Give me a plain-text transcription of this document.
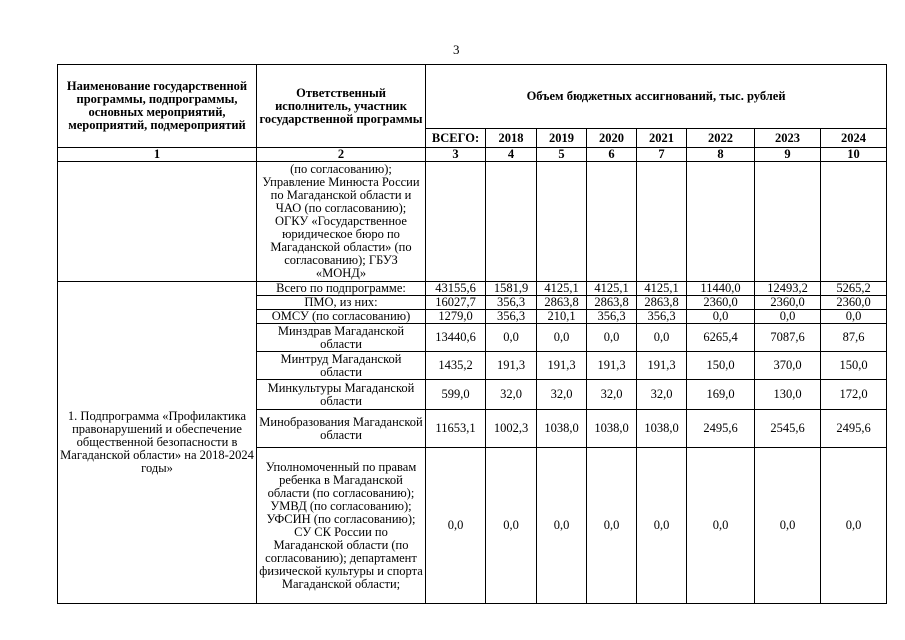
3
Наименование государственной программы, подпрограммы, основных мероприятий, мероприятий, подмероприятий	Ответственный исполнитель, участник государственной программы	Объем бюджетных ассигнований, тыс. рублей							
		ВСЕГО:	2018	2019	2020	2021	2022	2023	2024
1	2	3	4	5	6	7	8	9	10
	(по согласованию); Управление Минюста России по Магаданской области и ЧАО (по согласованию); ОГКУ «Государственное юридическое бюро по Магаданской области» (по согласованию); ГБУЗ «МОНД»								
1. Подпрограмма «Профилактика правонарушений и обеспечение общественной безопасности в Магаданской области» на 2018-2024 годы»	Всего по подпрограмме:	43155,6	1581,9	4125,1	4125,1	4125,1	11440,0	12493,2	5265,2
	ПМО, из них:	16027,7	356,3	2863,8	2863,8	2863,8	2360,0	2360,0	2360,0
	ОМСУ (по согласованию)	1279,0	356,3	210,1	356,3	356,3	0,0	0,0	0,0
	Минздрав Магаданской области	13440,6	0,0	0,0	0,0	0,0	6265,4	7087,6	87,6
	Минтруд Магаданской области	1435,2	191,3	191,3	191,3	191,3	150,0	370,0	150,0
	Минкультуры Магаданской области	599,0	32,0	32,0	32,0	32,0	169,0	130,0	172,0
	Минобразования Магаданской области	11653,1	1002,3	1038,0	1038,0	1038,0	2495,6	2545,6	2495,6
	Уполномоченный по правам ребенка в Магаданской области (по согласованию); УМВД (по согласованию); УФСИН (по согласованию); СУ СК России по Магаданской области (по согласованию); департамент физической культуры и спорта Магаданской области;	0,0	0,0	0,0	0,0	0,0	0,0	0,0	0,0
